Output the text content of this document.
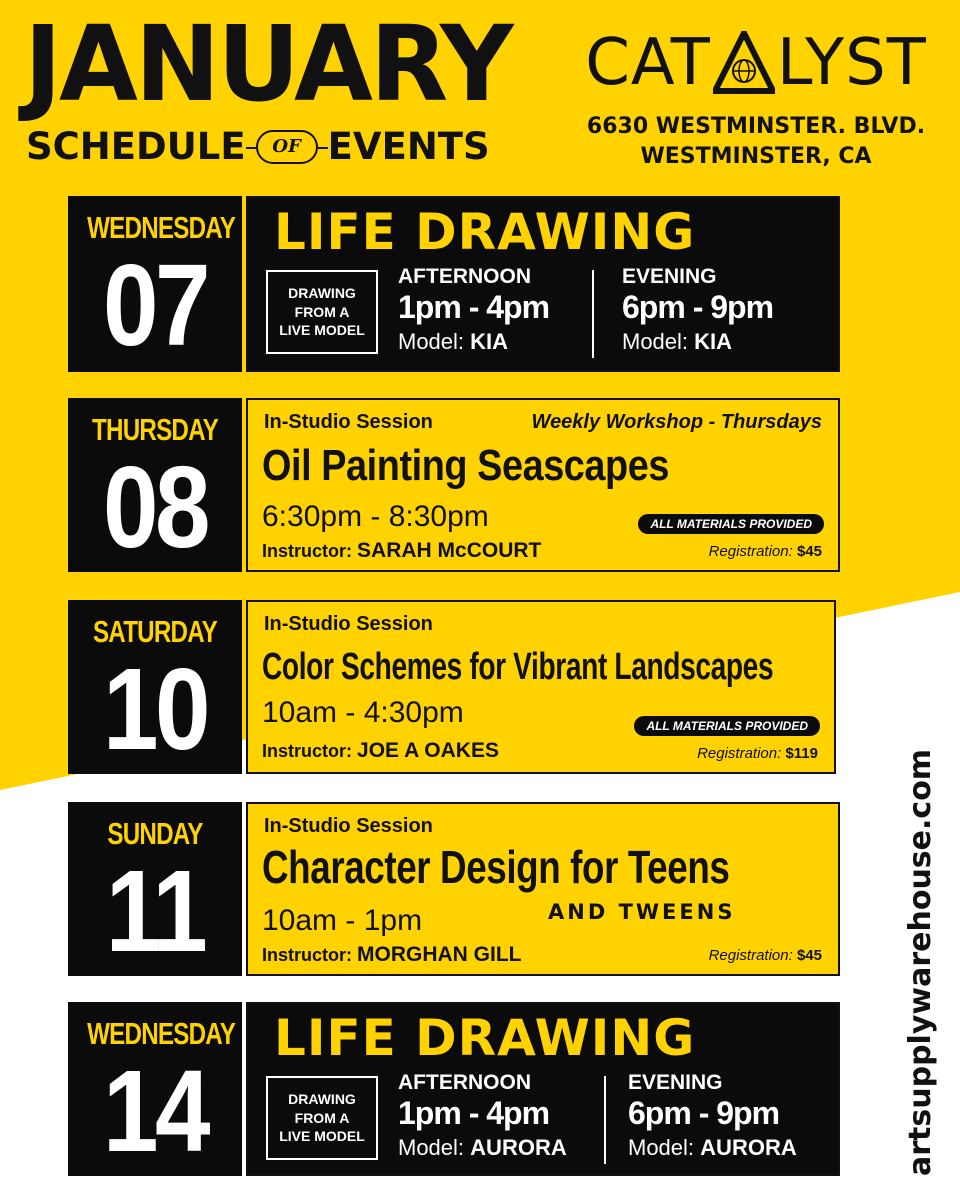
JANUARY
SCHEDULE	OF EVENTS
CAT LYST
6630 WESTMINSTER. BLVD.
WESTMINSTER, CA
WEDNESDAY
07
LIFE DRAWING
DRAWING
FROM A
LIVE MODEL
AFTERNOON
1pm - 4pm
Model: KIA
EVENING
6pm - 9pm
Model: KIA
THURSDAY
08
In-Studio Session	Weekly Workshop - Thursdays
Oil Painting Seascapes
6:30pm - 8:30pm	ALL MATERIALS PROVIDED
Instructor: SARAH McCOURT	Registration: $45
SATURDAY
10
In-Studio Session
Color Schemes for Vibrant Landscapes
10am - 4:30pm	ALL MATERIALS PROVIDED
Instructor: JOE A OAKES	Registration: $119
SUNDAY
11
In-Studio Session
Character Design for Teens
AND TWEENS
10am - 1pm
Instructor: MORGHAN GILL	Registration: $45
WEDNESDAY
14
LIFE DRAWING
DRAWING
FROM A
LIVE MODEL
AFTERNOON
1pm - 4pm
Model: AURORA
EVENING
6pm - 9pm
Model: AURORA	artsupplywarehouse.com
